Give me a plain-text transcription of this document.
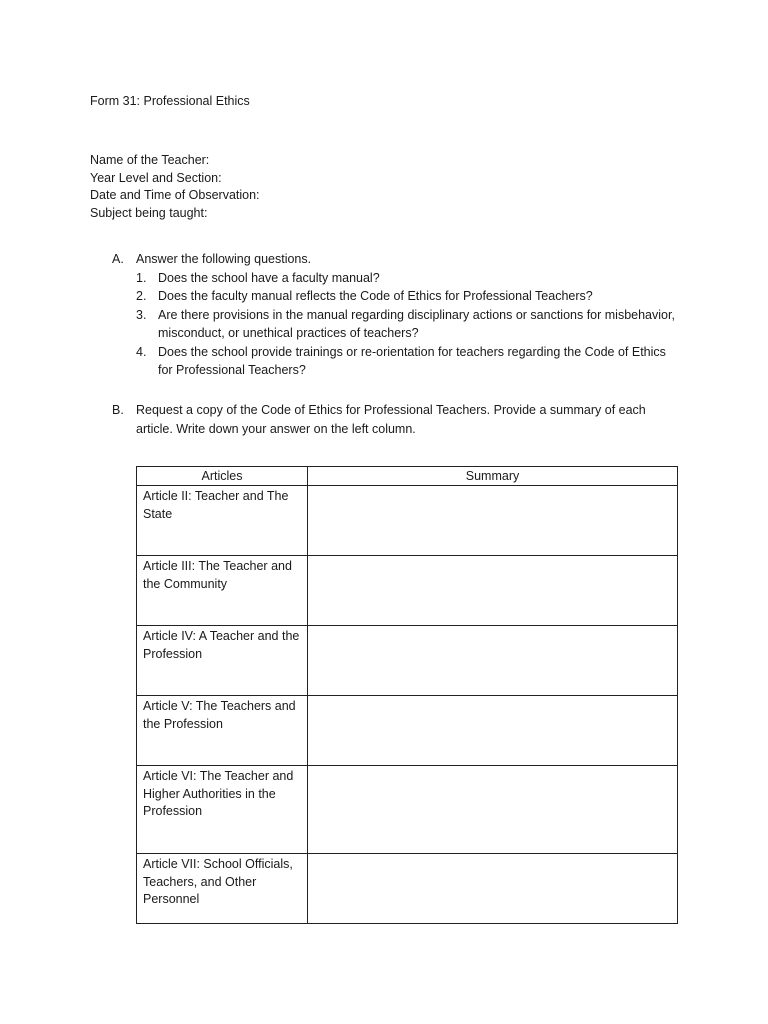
Form 31: Professional Ethics
Name of the Teacher:
Year Level and Section:
Date and Time of Observation:
Subject being taught:
A. Answer the following questions.
1. Does the school have a faculty manual?
2. Does the faculty manual reflects the Code of Ethics for Professional Teachers?
3. Are there provisions in the manual regarding disciplinary actions or sanctions for misbehavior, misconduct, or unethical practices of teachers?
4. Does the school provide trainings or re-orientation for teachers regarding the Code of Ethics for Professional Teachers?
B. Request a copy of the Code of Ethics for Professional Teachers. Provide a summary of each article. Write down your answer on the left column.
Articles	Summary
Article II: Teacher and The State	
Article III: The Teacher and the Community	
Article IV: A Teacher and the Profession	
Article V: The Teachers and the Profession	
Article VI: The Teacher and Higher Authorities in the Profession	
Article VII: School Officials, Teachers, and Other Personnel	
